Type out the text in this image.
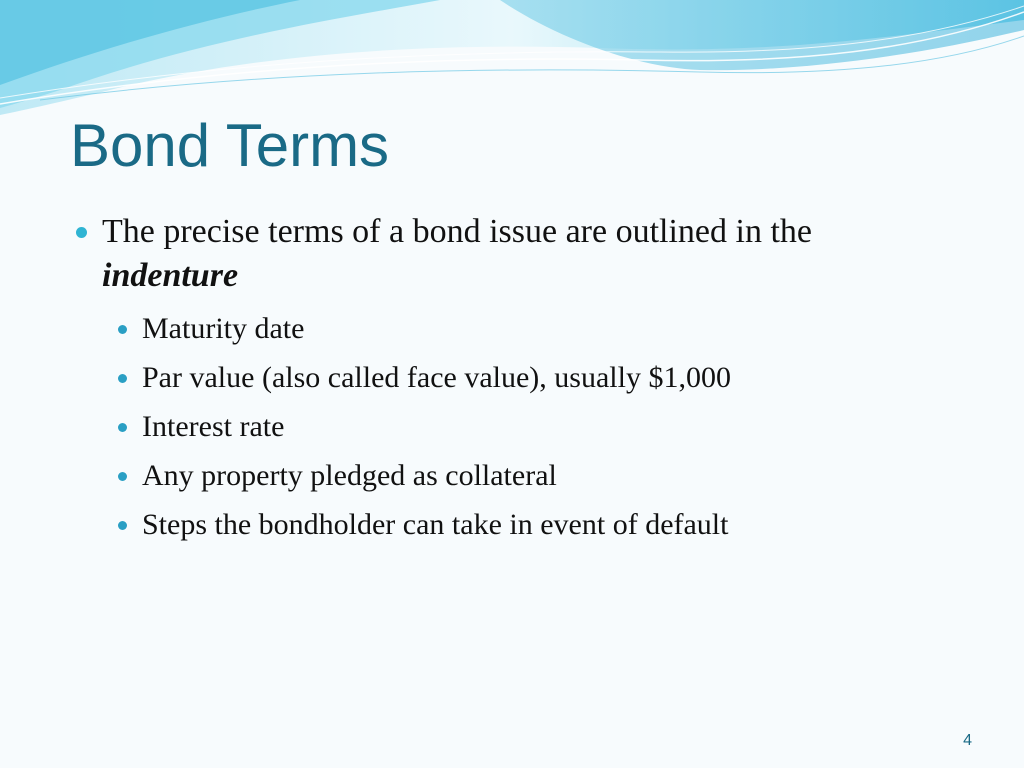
Bond Terms
The precise terms of a bond issue are outlined in the indenture
Maturity date
Par value (also called face value), usually $1,000
Interest rate
Any property pledged as collateral
Steps the bondholder can take in event of default
4
